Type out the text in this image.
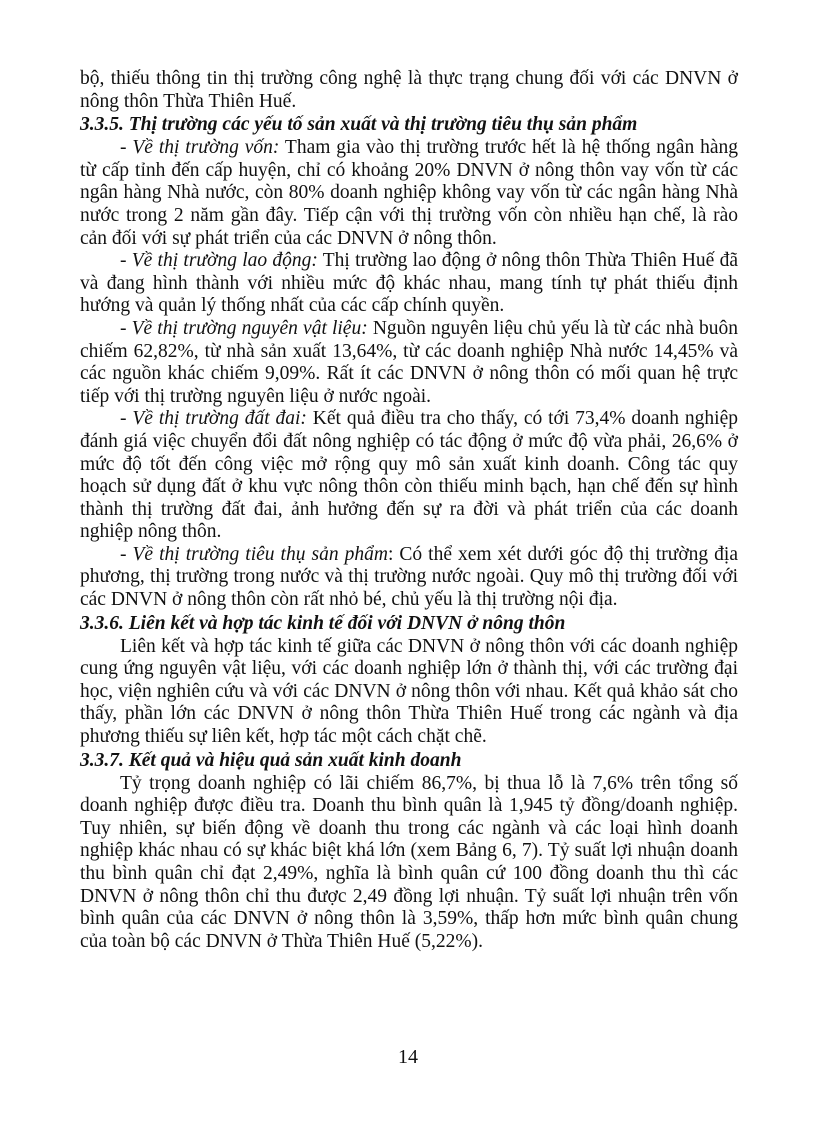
bộ, thiếu thông tin thị trường công nghệ là thực trạng chung đối với các DNVN ở nông thôn Thừa Thiên Huế.

3.3.5. Thị trường các yếu tố sản xuất và thị trường tiêu thụ sản phẩm

- Về thị trường vốn: Tham gia vào thị trường trước hết là hệ thống ngân hàng từ cấp tỉnh đến cấp huyện, chỉ có khoảng 20% DNVN ở nông thôn vay vốn từ các ngân hàng Nhà nước, còn 80% doanh nghiệp không vay vốn từ các ngân hàng Nhà nước trong 2 năm gần đây. Tiếp cận với thị trường vốn còn nhiều hạn chế, là rào cản đối với sự phát triển của các DNVN ở nông thôn.

- Về thị trường lao động: Thị trường lao động ở nông thôn Thừa Thiên Huế đã và đang hình thành với nhiều mức độ khác nhau, mang tính tự phát thiếu định hướng và quản lý thống nhất của các cấp chính quyền.

- Về thị trường nguyên vật liệu: Nguồn nguyên liệu chủ yếu là từ các nhà buôn chiếm 62,82%, từ nhà sản xuất 13,64%, từ các doanh nghiệp Nhà nước 14,45% và các nguồn khác chiếm 9,09%. Rất ít các DNVN ở nông thôn có mối quan hệ trực tiếp với thị trường nguyên liệu ở nước ngoài.

- Về thị trường đất đai: Kết quả điều tra cho thấy, có tới 73,4% doanh nghiệp đánh giá việc chuyển đổi đất nông nghiệp có tác động ở mức độ vừa phải, 26,6% ở mức độ tốt đến công việc mở rộng quy mô sản xuất kinh doanh. Công tác quy hoạch sử dụng đất ở khu vực nông thôn còn thiếu minh bạch, hạn chế đến sự hình thành thị trường đất đai, ảnh hưởng đến sự ra đời và phát triển của các doanh nghiệp nông thôn.

- Về thị trường tiêu thụ sản phẩm: Có thể xem xét dưới góc độ thị trường địa phương, thị trường trong nước và thị trường nước ngoài. Quy mô thị trường đối với các DNVN ở nông thôn còn rất nhỏ bé, chủ yếu là thị trường nội địa.

3.3.6. Liên kết và hợp tác kinh tế đối với DNVN ở nông thôn

Liên kết và hợp tác kinh tế giữa các DNVN ở nông thôn với các doanh nghiệp cung ứng nguyên vật liệu, với các doanh nghiệp lớn ở thành thị, với các trường đại học, viện nghiên cứu và với các DNVN ở nông thôn với nhau. Kết quả khảo sát cho thấy, phần lớn các DNVN ở nông thôn Thừa Thiên Huế trong các ngành và địa phương thiếu sự liên kết, hợp tác một cách chặt chẽ.

3.3.7. Kết quả và hiệu quả sản xuất kinh doanh

Tỷ trọng doanh nghiệp có lãi chiếm 86,7%, bị thua lỗ là 7,6% trên tổng số doanh nghiệp được điều tra. Doanh thu bình quân là 1,945 tỷ đồng/doanh nghiệp. Tuy nhiên, sự biến động về doanh thu trong các ngành và các loại hình doanh nghiệp khác nhau có sự khác biệt khá lớn (xem Bảng 6, 7). Tỷ suất lợi nhuận doanh thu bình quân chỉ đạt 2,49%, nghĩa là bình quân cứ 100 đồng doanh thu thì các DNVN ở nông thôn chỉ thu được 2,49 đồng lợi nhuận. Tỷ suất lợi nhuận trên vốn bình quân của các DNVN ở nông thôn là 3,59%, thấp hơn mức bình quân chung của toàn bộ các DNVN ở Thừa Thiên Huế (5,22%).

14
